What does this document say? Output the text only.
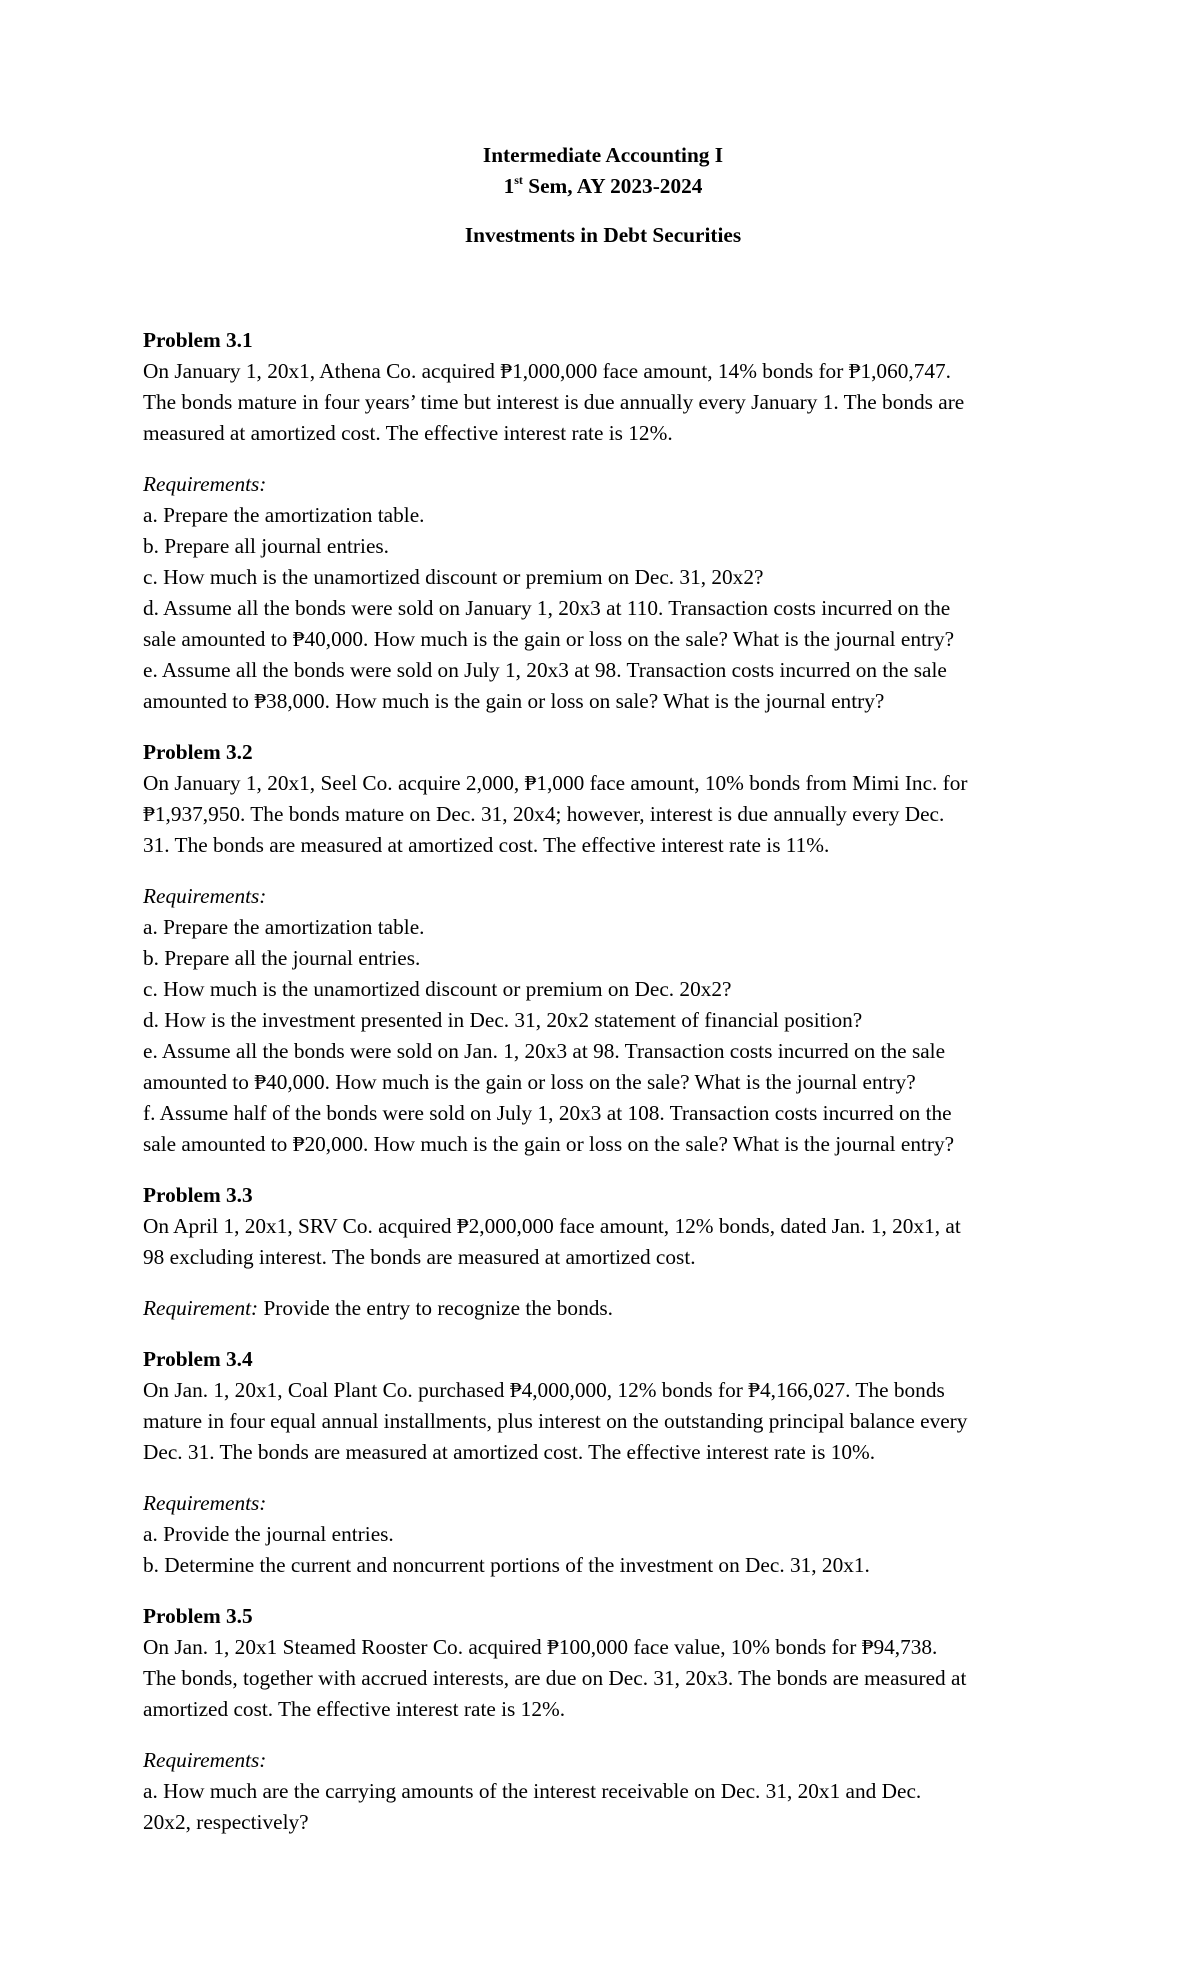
Intermediate Accounting I
1st Sem, AY 2023-2024
Investments in Debt Securities
Problem 3.1
On January 1, 20x1, Athena Co. acquired ₱1,000,000 face amount, 14% bonds for ₱1,060,747.
The bonds mature in four years’ time but interest is due annually every January 1. The bonds are
measured at amortized cost. The effective interest rate is 12%.
Requirements:
a. Prepare the amortization table.
b. Prepare all journal entries.
c. How much is the unamortized discount or premium on Dec. 31, 20x2?
d. Assume all the bonds were sold on January 1, 20x3 at 110. Transaction costs incurred on the
sale amounted to ₱40,000. How much is the gain or loss on the sale? What is the journal entry?
e. Assume all the bonds were sold on July 1, 20x3 at 98. Transaction costs incurred on the sale
amounted to ₱38,000. How much is the gain or loss on sale? What is the journal entry?
Problem 3.2
On January 1, 20x1, Seel Co. acquire 2,000, ₱1,000 face amount, 10% bonds from Mimi Inc. for
₱1,937,950. The bonds mature on Dec. 31, 20x4; however, interest is due annually every Dec.
31. The bonds are measured at amortized cost. The effective interest rate is 11%.
Requirements:
a. Prepare the amortization table.
b. Prepare all the journal entries.
c. How much is the unamortized discount or premium on Dec. 20x2?
d. How is the investment presented in Dec. 31, 20x2 statement of financial position?
e. Assume all the bonds were sold on Jan. 1, 20x3 at 98. Transaction costs incurred on the sale
amounted to ₱40,000. How much is the gain or loss on the sale? What is the journal entry?
f. Assume half of the bonds were sold on July 1, 20x3 at 108. Transaction costs incurred on the
sale amounted to ₱20,000. How much is the gain or loss on the sale? What is the journal entry?
Problem 3.3
On April 1, 20x1, SRV Co. acquired ₱2,000,000 face amount, 12% bonds, dated Jan. 1, 20x1, at
98 excluding interest. The bonds are measured at amortized cost.
Requirement: Provide the entry to recognize the bonds.
Problem 3.4
On Jan. 1, 20x1, Coal Plant Co. purchased ₱4,000,000, 12% bonds for ₱4,166,027. The bonds
mature in four equal annual installments, plus interest on the outstanding principal balance every
Dec. 31. The bonds are measured at amortized cost. The effective interest rate is 10%.
Requirements:
a. Provide the journal entries.
b. Determine the current and noncurrent portions of the investment on Dec. 31, 20x1.
Problem 3.5
On Jan. 1, 20x1 Steamed Rooster Co. acquired ₱100,000 face value, 10% bonds for ₱94,738.
The bonds, together with accrued interests, are due on Dec. 31, 20x3. The bonds are measured at
amortized cost. The effective interest rate is 12%.
Requirements:
a. How much are the carrying amounts of the interest receivable on Dec. 31, 20x1 and Dec.
20x2, respectively?
